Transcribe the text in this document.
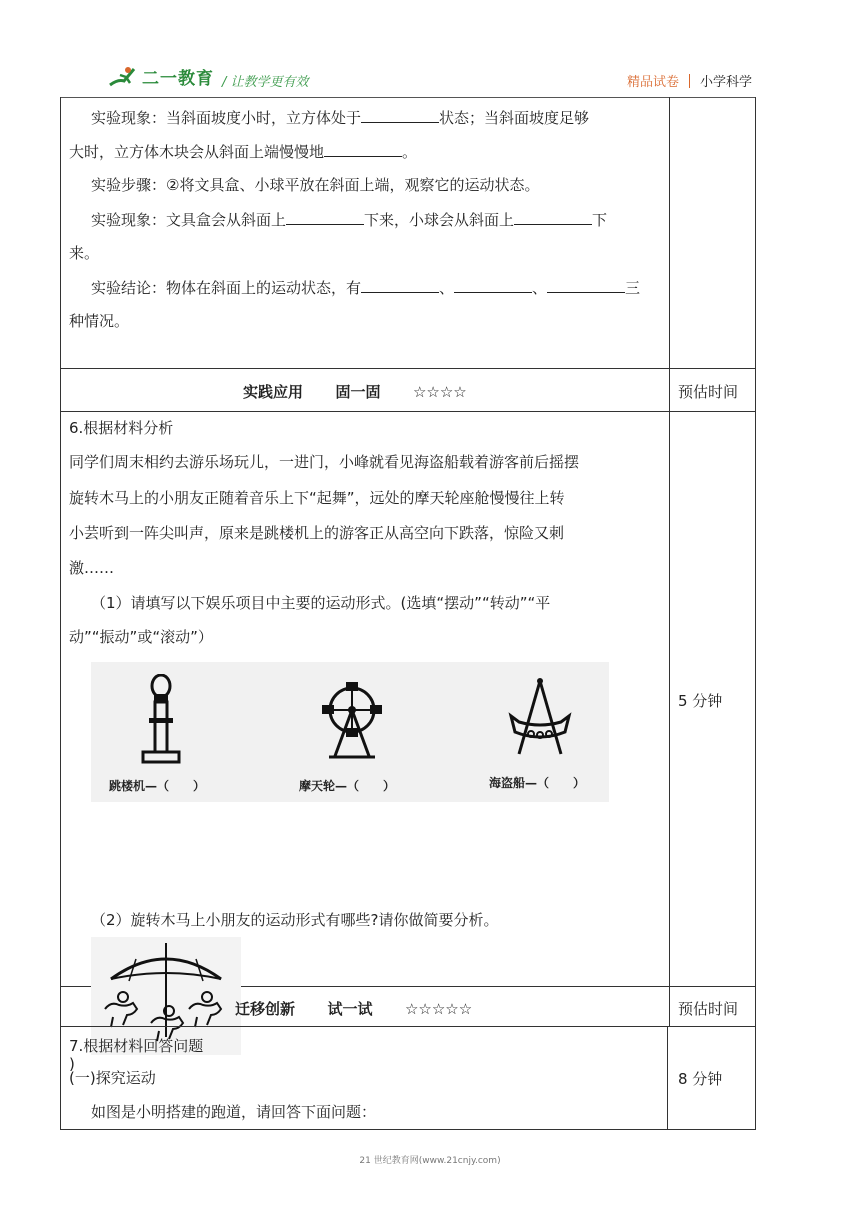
二一教育 / 让教学更有效	精品试卷 小学科学
实验现象：当斜面坡度小时，立方体处于	状态；当斜面坡度足够
大时，立方体木块会从斜面上端慢慢地	。
实验步骤：②将文具盒、小球平放在斜面上端，观察它的运动状态。
实验现象：文具盒会从斜面上	下来，小球会从斜面上	下
来。
实验结论：物体在斜面上的运动状态，有	、	、	三
种情况。
实践应用 固一固 ☆☆☆☆	预估时间
6.根据材料分析
同学们周末相约去游乐场玩儿，一进门，小峰就看见海盗船载着游客前后摇摆
旋转木马上的小朋友正随着音乐上下“起舞”，远处的摩天轮座舱慢慢往上转
小芸听到一阵尖叫声，原来是跳楼机上的游客正从高空向下跌落，惊险又刺
激……
（1）请填写以下娱乐项目中主要的运动形式。(选填“摆动”“转动”“平
动”“振动”或“滚动”）
跳楼机—（　　）	摩天轮—（　　）	海盗船—（　　）
（2）旋转木马上小朋友的运动形式有哪些?请你做简要分析。
)
5 分钟
迁移创新 试一试 ☆☆☆☆☆	预估时间
7.根据材料回答问题
(一)探究运动
如图是小明搭建的跑道，请回答下面问题：
8 分钟
21 世纪教育网(www.21cnjy.com)
